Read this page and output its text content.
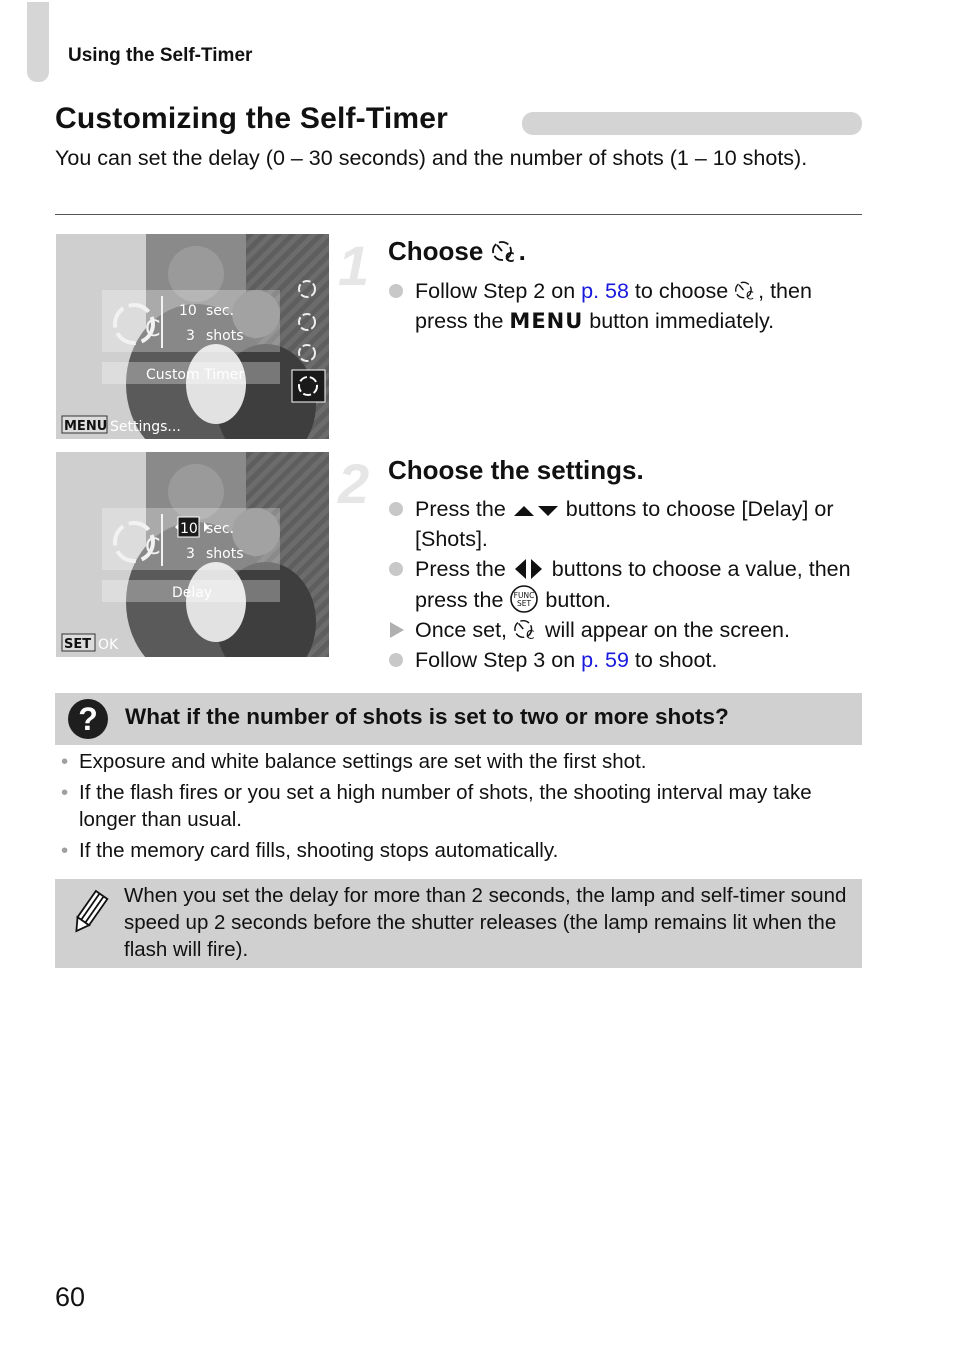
Using the Self-Timer
Customizing the Self-Timer
You can set the delay (0 – 30 seconds) and the number of shots (1 – 10 shots).
C
10 sec.
3 shots
Custom Timer
MENU Settings...
C
10 sec.
3 shots
Delay
SET OK
1 Choose C .
Follow Step 2 on p. 58 to choose C , then press the MENU button immediately.
2 Choose the settings.
Press the  buttons to choose [Delay] or [Shots].
Press the  buttons to choose a value, then press the FUNC
SET button.
Once set, C will appear on the screen.
Follow Step 3 on p. 59 to shoot.
?	What if the number of shots is set to two or more shots?
• Exposure and white balance settings are set with the first shot.
• If the flash fires or you set a high number of shots, the shooting interval may take longer than usual.
• If the memory card fills, shooting stops automatically.
When you set the delay for more than 2 seconds, the lamp and self-timer sound speed up 2 seconds before the shutter releases (the lamp remains lit when the flash will fire).
60
